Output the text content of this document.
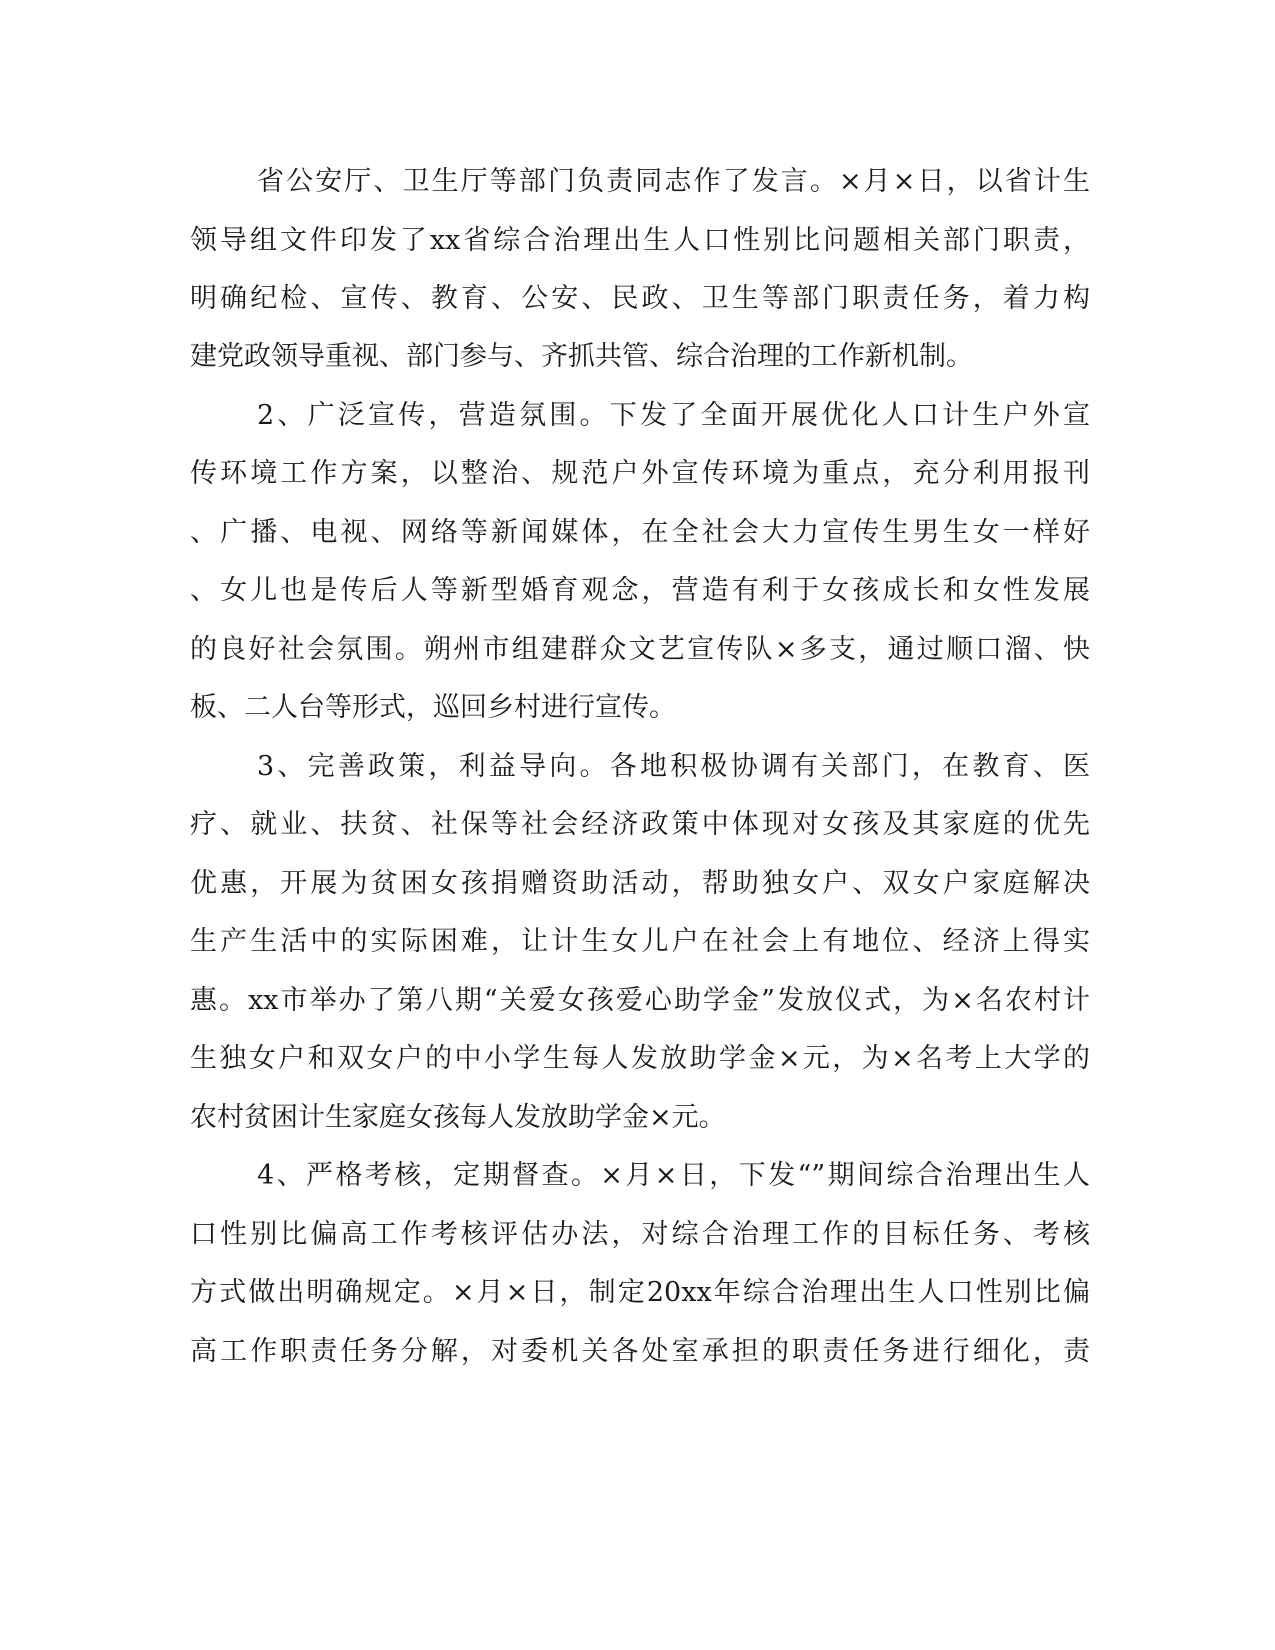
省公安厅、卫生厅等部门负责同志作了发言。×月×日，以省计生

领导组文件印发了xx省综合治理出生人口性别比问题相关部门职责，

明确纪检、宣传、教育、公安、民政、卫生等部门职责任务，着力构

建党政领导重视、部门参与、齐抓共管、综合治理的工作新机制。

2、广泛宣传，营造氛围。下发了全面开展优化人口计生户外宣

传环境工作方案，以整治、规范户外宣传环境为重点，充分利用报刊

、广播、电视、网络等新闻媒体，在全社会大力宣传生男生女一样好

、女儿也是传后人等新型婚育观念，营造有利于女孩成长和女性发展

的良好社会氛围。朔州市组建群众文艺宣传队×多支，通过顺口溜、快

板、二人台等形式，巡回乡村进行宣传。

3、完善政策，利益导向。各地积极协调有关部门，在教育、医

疗、就业、扶贫、社保等社会经济政策中体现对女孩及其家庭的优先

优惠，开展为贫困女孩捐赠资助活动，帮助独女户、双女户家庭解决

生产生活中的实际困难，让计生女儿户在社会上有地位、经济上得实

惠。xx市举办了第八期“关爱女孩爱心助学金”发放仪式，为×名农村计

生独女户和双女户的中小学生每人发放助学金×元，为×名考上大学的

农村贫困计生家庭女孩每人发放助学金×元。

4、严格考核，定期督查。×月×日，下发“”期间综合治理出生人

口性别比偏高工作考核评估办法，对综合治理工作的目标任务、考核

方式做出明确规定。×月×日，制定20xx年综合治理出生人口性别比偏

高工作职责任务分解，对委机关各处室承担的职责任务进行细化，责
